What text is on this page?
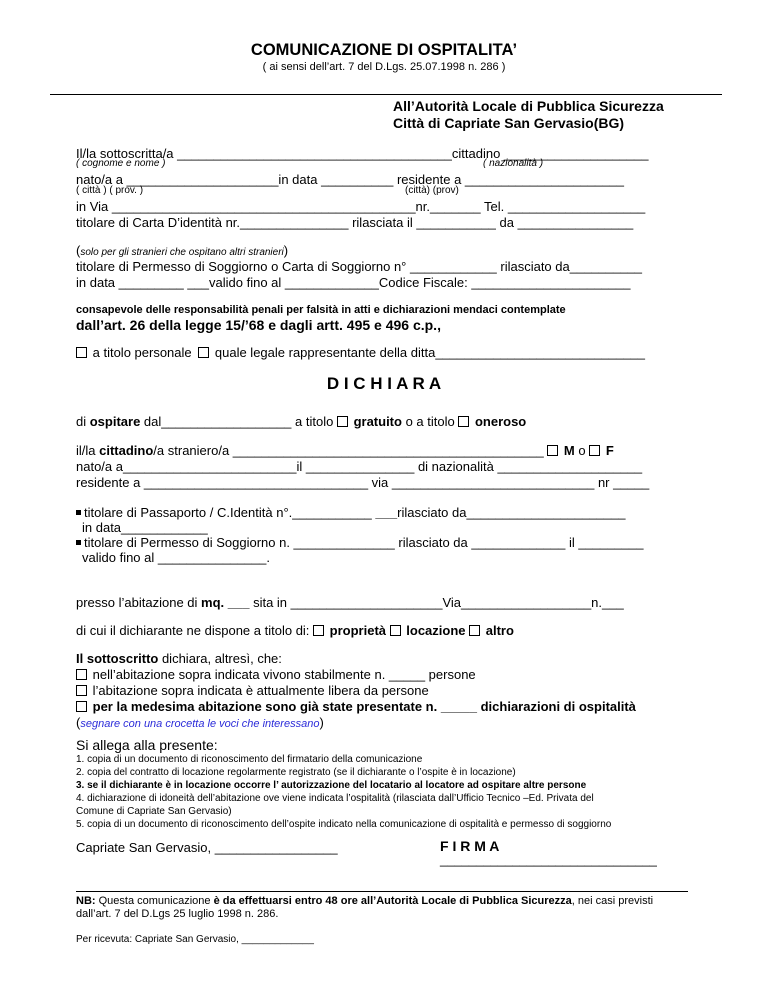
COMUNICAZIONE DI OSPITALITA’
( ai sensi dell’art. 7 del D.Lgs. 25.07.1998 n. 286 )
All’Autorità Locale di Pubblica Sicurezza
Città di Capriate San Gervasio(BG)
Il/la sottoscritta/a ______________________________________cittadino ____________________
( cognome e nome )	( nazionalità )
nato/a a _____________________in data __________ residente a ______________________
( città ) ( prov. )	(città) (prov)
in Via __________________________________________nr._______ Tel. ___________________
titolare di Carta D’identità nr._______________ rilasciata il ___________ da ________________
(solo per gli stranieri che ospitano altri stranieri)
titolare di Permesso di Soggiorno o Carta di Soggiorno n° ____________ rilasciato da__________
in data _________ ___valido fino al _____________Codice Fiscale: ______________________
consapevole delle responsabilità penali per falsità in atti e dichiarazioni mendaci contemplate
dall’art. 26 della legge 15/’68 e dagli artt. 495 e 496 c.p.,
a titolo personale quale legale rappresentante della ditta_____________________________
D I C H I A R A
di ospitare dal__________________ a titolo  gratuito o a titolo  oneroso
il/la cittadino/a straniero/a ___________________________________________ M o  F
nato/a a________________________il _______________ di nazionalità ____________________
residente a _______________________________ via ____________________________ nr _____
titolare di Passaporto / C.Identità n°.___________ ___rilasciato da______________________
in data____________
titolare di Permesso di Soggiorno n. ______________ rilasciato da _____________ il _________
valido fino al _______________.
presso l’abitazione di mq. ___ sita in _____________________Via__________________n.___
di cui il dichiarante ne dispone a titolo di:  proprietà locazione altro
Il sottoscritto dichiara, altresì, che:
nell’abitazione sopra indicata vivono stabilmente n. _____ persone
l’abitazione sopra indicata è attualmente libera da persone
per la medesima abitazione sono già state presentate n. _____ dichiarazioni di ospitalità
(segnare con una crocetta le voci che interessano)
Si allega alla presente:
1. copia di un documento di riconoscimento del firmatario della comunicazione
2. copia del contratto di locazione regolarmente registrato (se il dichiarante o l’ospite è in locazione)
3. se il dichiarante è in locazione occorre l’ autorizzazione del locatario al locatore ad ospitare altre persone
4. dichiarazione di idoneità dell’abitazione ove viene indicata l’ospitalità (rilasciata dall’Ufficio Tecnico –Ed. Privata del
Comune di Capriate San Gervasio)
5. copia di un documento di riconoscimento dell’ospite indicato nella comunicazione di ospitalità e permesso di soggiorno
Capriate San Gervasio, _________________	F I R M A
______________________________
NB: Questa comunicazione è da effettuarsi entro 48 ore all’Autorità Locale di Pubblica Sicurezza, nei casi previsti
dall’art. 7 del D.Lgs 25 luglio 1998 n. 286.
Per ricevuta: Capriate San Gervasio, _____________
